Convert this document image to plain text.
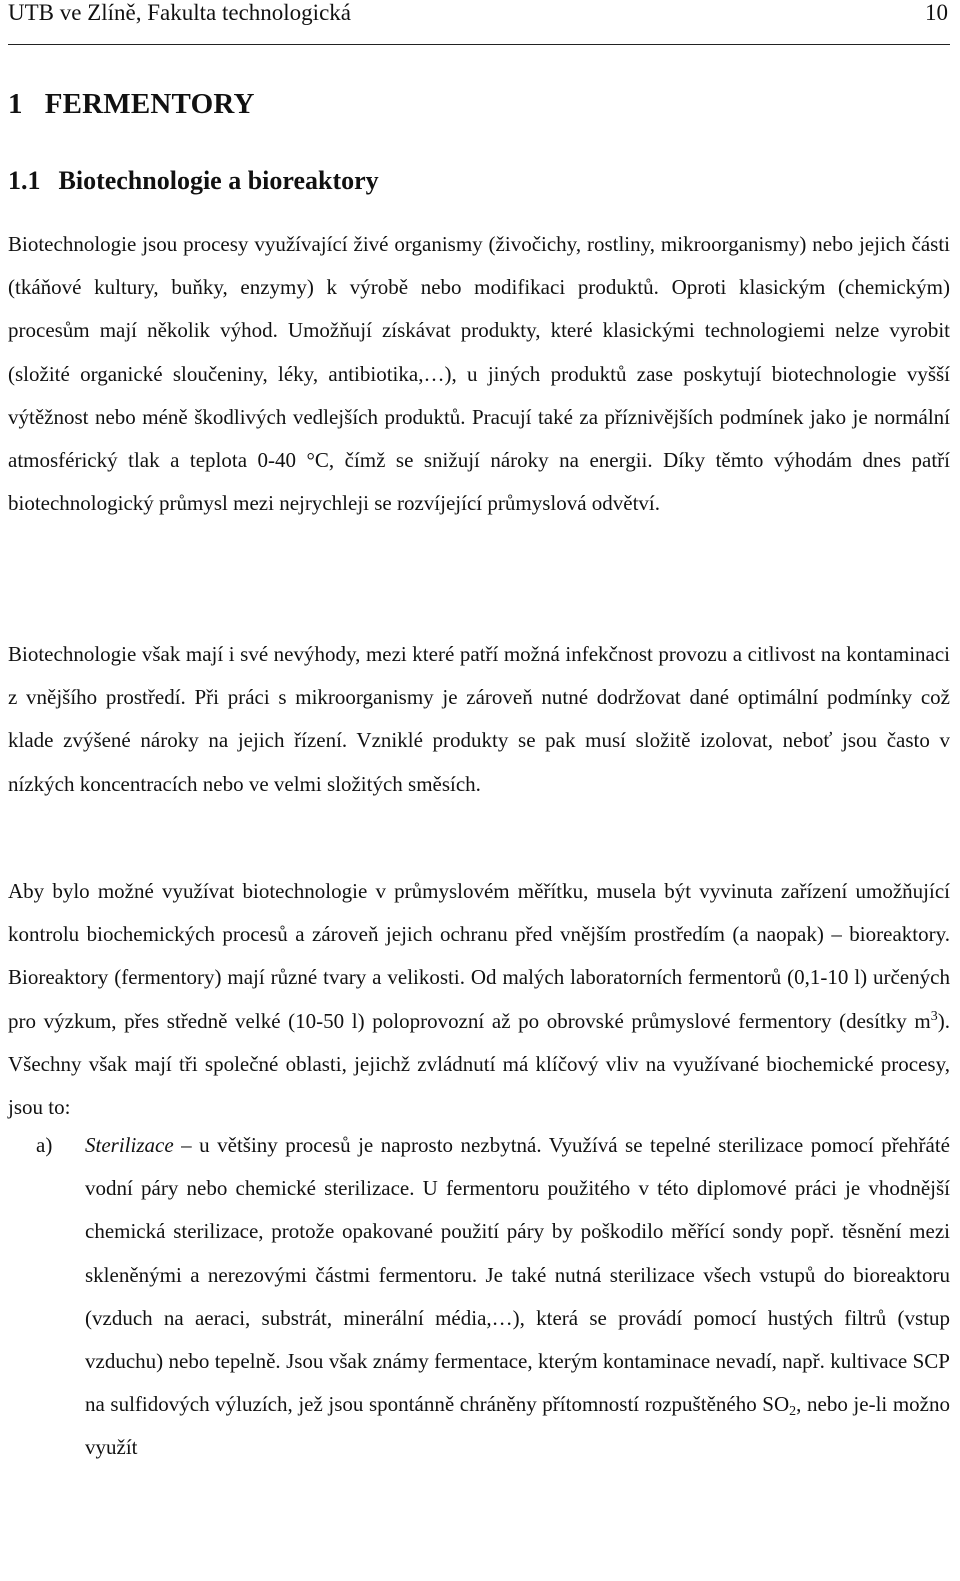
UTB ve Zlíně, Fakulta technologická	10
1 FERMENTORY
1.1 Biotechnologie a bioreaktory

Biotechnologie jsou procesy využívající živé organismy (živočichy, rostliny, mikroorganismy) nebo jejich části (tkáňové kultury, buňky, enzymy) k výrobě nebo modifikaci produktů. Oproti klasickým (chemickým) procesům mají několik výhod. Umožňují získávat produkty, které klasickými technologiemi nelze vyrobit (složité organické sloučeniny, léky, antibiotika,…), u jiných produktů zase poskytují biotechnologie vyšší výtěžnost nebo méně škodlivých vedlejších produktů. Pracují také za příznivějších podmínek jako je normální atmosférický tlak a teplota 0-40 °C, čímž se snižují nároky na energii. Díky těmto výhodám dnes patří biotechnologický průmysl mezi nejrychleji se rozvíjející průmyslová odvětví.

Biotechnologie však mají i své nevýhody, mezi které patří možná infekčnost provozu a citlivost na kontaminaci z vnějšího prostředí. Při práci s mikroorganismy je zároveň nutné dodržovat dané optimální podmínky což klade zvýšené nároky na jejich řízení. Vzniklé produkty se pak musí složitě izolovat, neboť jsou často v nízkých koncentracích nebo ve velmi složitých směsích.

Aby bylo možné využívat biotechnologie v průmyslovém měřítku, musela být vyvinuta zařízení umožňující kontrolu biochemických procesů a zároveň jejich ochranu před vnějším prostředím (a naopak) – bioreaktory. Bioreaktory (fermentory) mají různé tvary a velikosti. Od malých laboratorních fermentorů (0,1-10 l) určených pro výzkum, přes středně velké (10-50 l) poloprovozní až po obrovské průmyslové fermentory (desítky $m^3$). Všechny však mají tři společné oblasti, jejichž zvládnutí má klíčový vliv na využívané biochemické procesy, jsou to:

a) Sterilizace – u většiny procesů je naprosto nezbytná. Využívá se tepelné sterilizace pomocí přehřáté vodní páry nebo chemické sterilizace. U fermentoru použitého v této diplomové práci je vhodnější chemická sterilizace, protože opakované použití páry by poškodilo měřící sondy popř. těsnění mezi skleněnými a nerezovými částmi fermentoru. Je také nutná sterilizace všech vstupů do bioreaktoru (vzduch na aeraci, substrát, minerální média,…), která se provádí pomocí hustých filtrů (vstup vzduchu) nebo tepelně. Jsou však známy fermentace, kterým kontaminace nevadí, např. kultivace SCP na sulfidových výluzích, jež jsou spontánně chráněny přítomností rozpuštěného $SO_2$, nebo je-li možno využít
